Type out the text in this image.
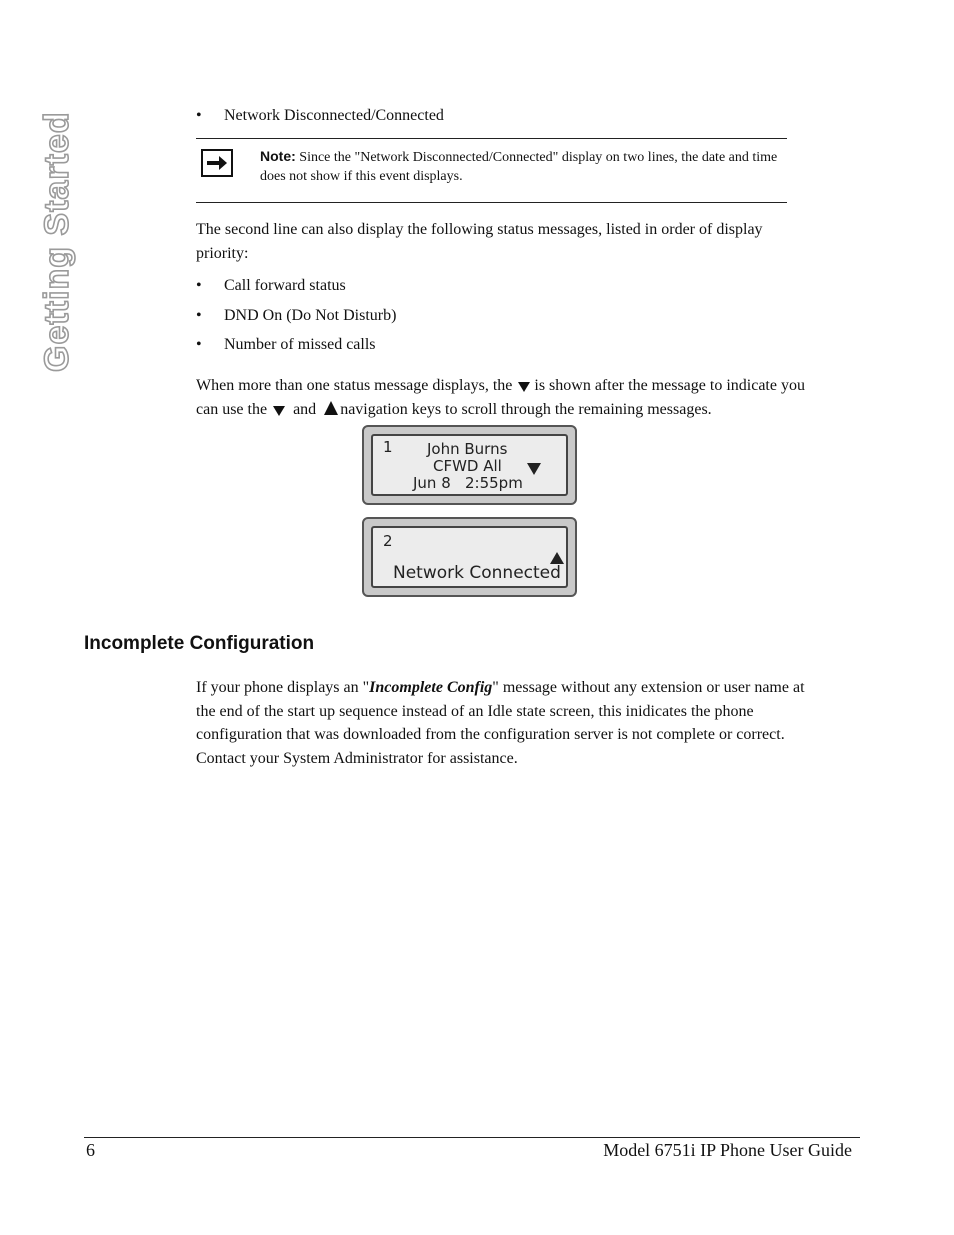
Getting Started	• Network Disconnected/Connected
Note: Since the "Network Disconnected/Connected" display on two lines, the date and time does not show if this event displays.
The second line can also display the following status messages, listed in order of display
priority:
• Call forward status
• DND On (Do Not Disturb)
• Number of missed calls
When more than one status message displays, the is shown after the message to indicate you
can use the and navigation keys to scroll through the remaining messages.
1 John Burns
CFWD All
Jun 8 2:55pm
2
Network Connected
Incomplete Configuration
If your phone displays an "Incomplete Config" message without any extension or user name at
the end of the start up sequence instead of an Idle state screen, this inidicates the phone
configuration that was downloaded from the configuration server is not complete or correct.
Contact your System Administrator for assistance.
6	Model 6751i IP Phone User Guide
